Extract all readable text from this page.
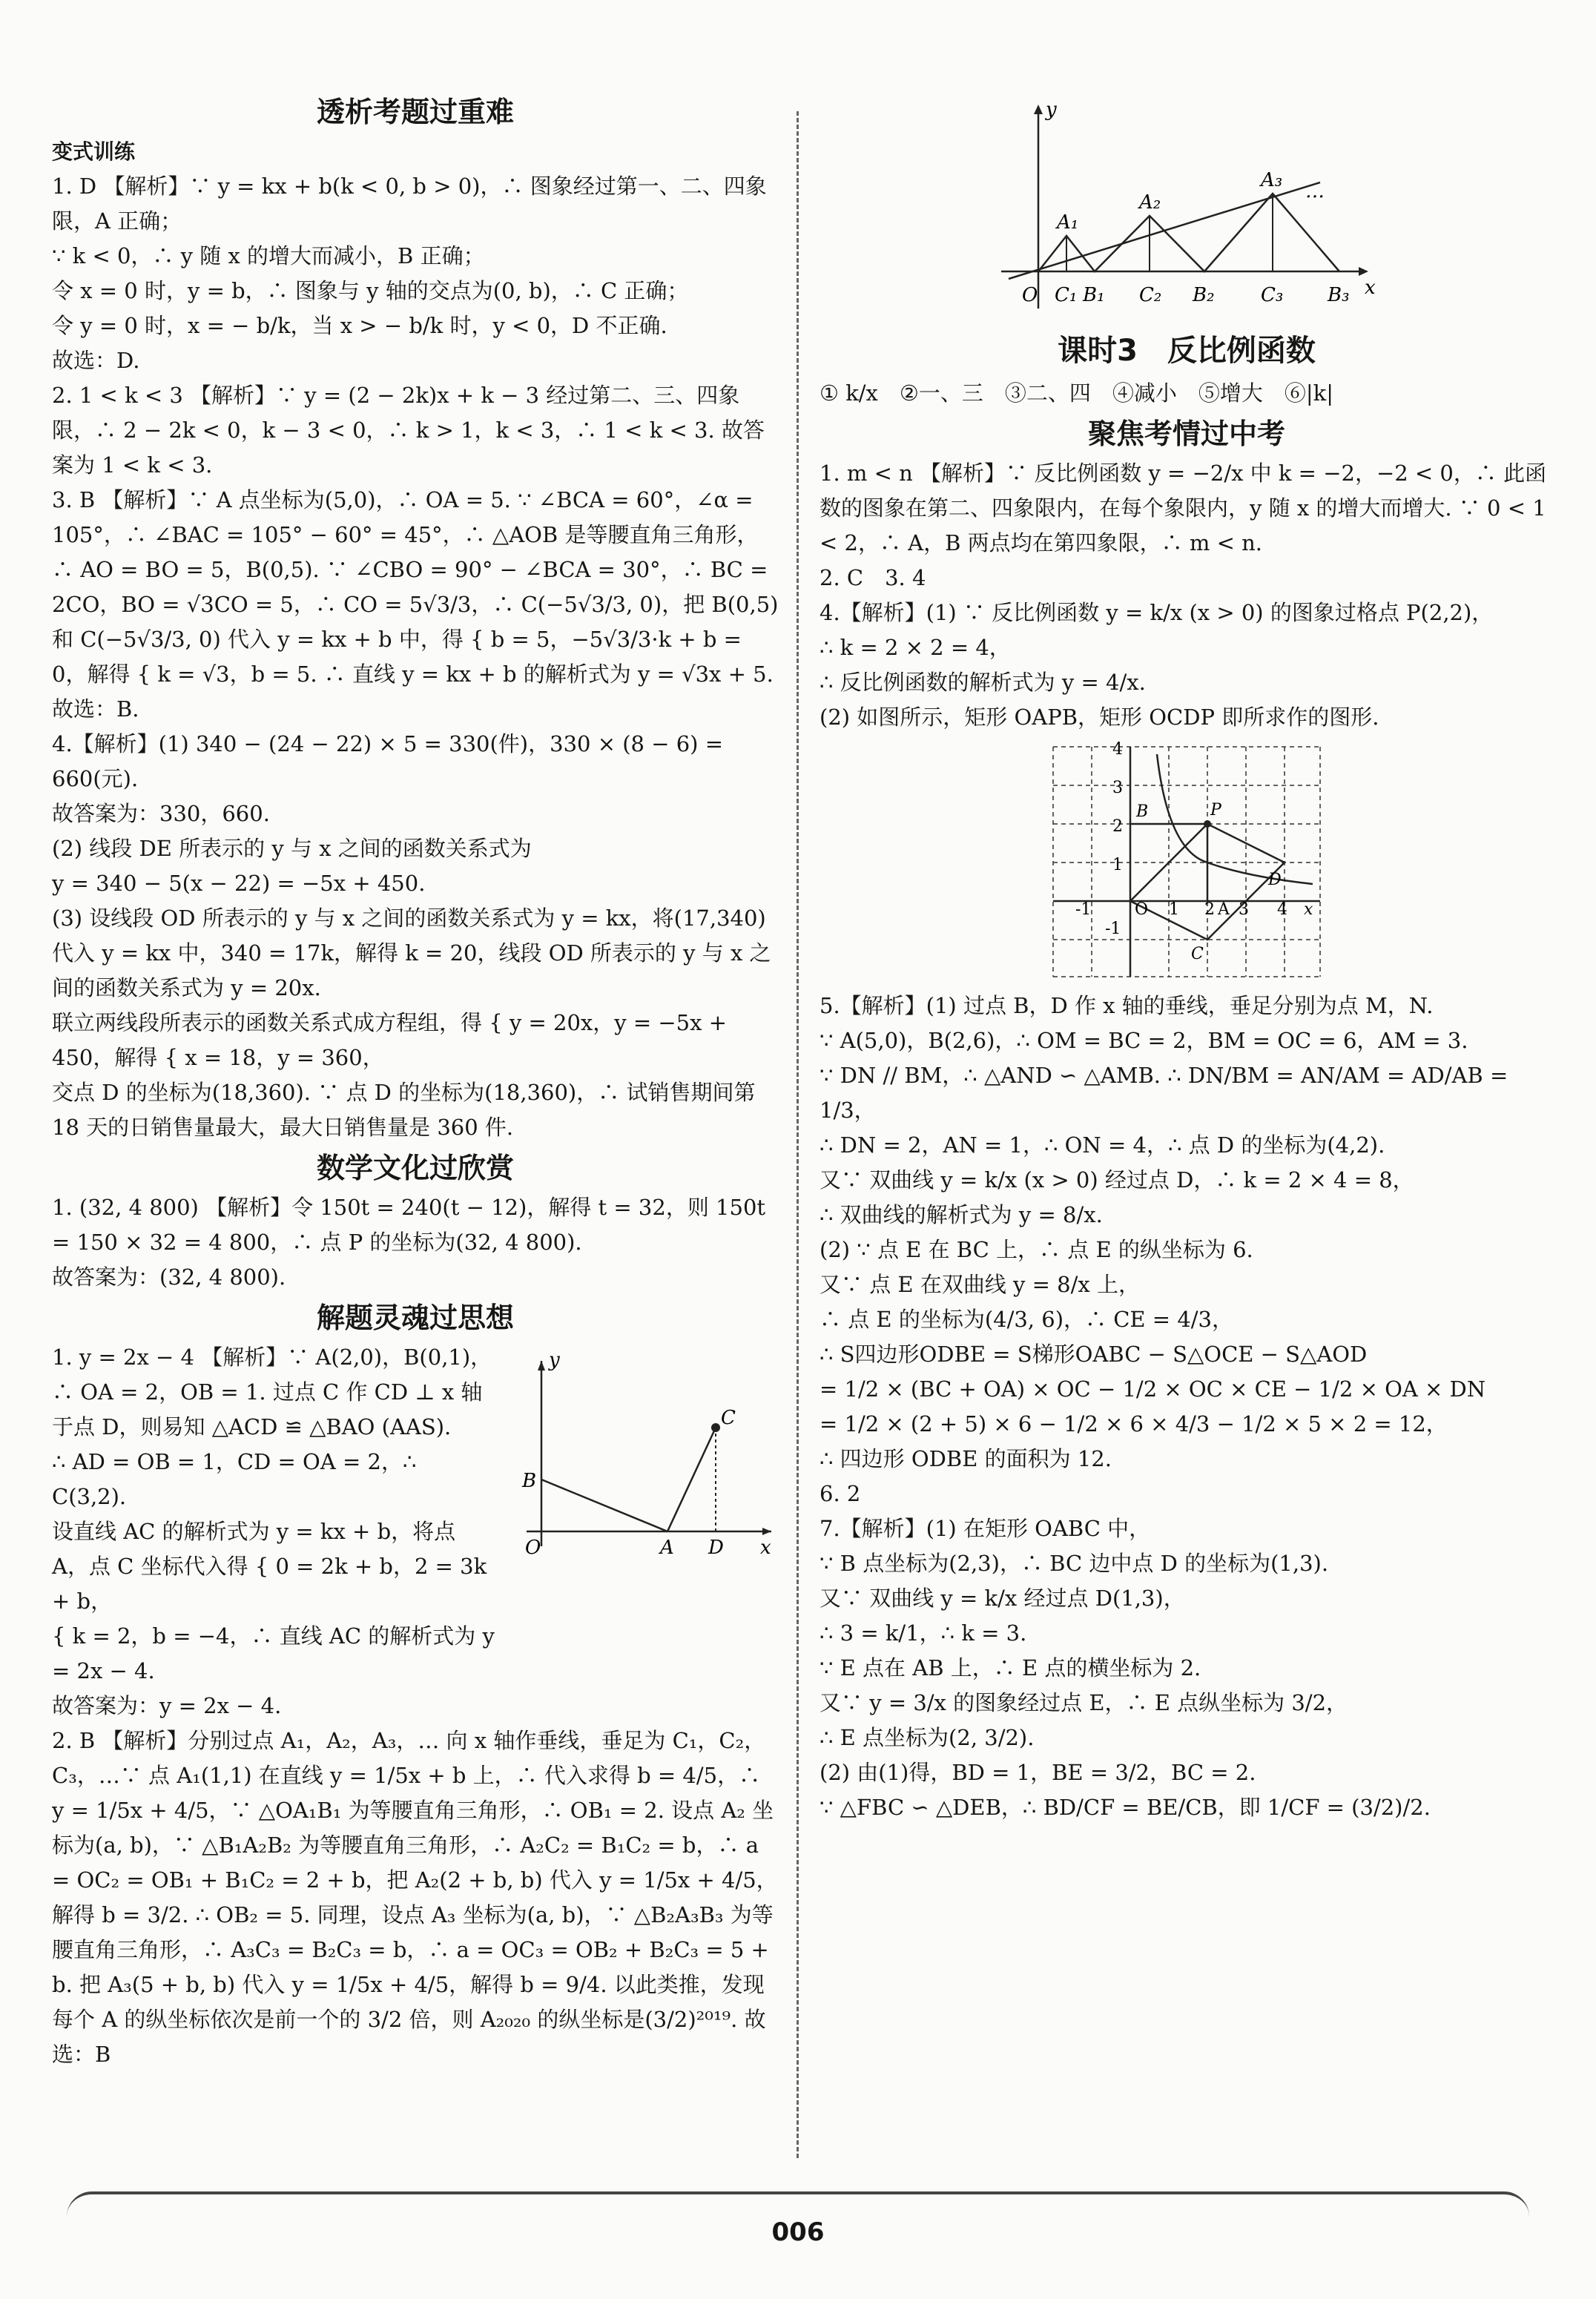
透析考题过重难
变式训练

1. D 【解析】∵ y = kx + b(k < 0, b > 0)，∴ 图象经过第一、二、四象限，A 正确；
∵ k < 0，∴ y 随 x 的增大而减小，B 正确；
令 x = 0 时，y = b，∴ 图象与 y 轴的交点为(0, b)，∴ C 正确；
令 y = 0 时，x = − b/k，当 x > − b/k 时，y < 0，D 不正确.
故选：D.

2. 1 < k < 3 【解析】∵ y = (2 − 2k)x + k − 3 经过第二、三、四象限，∴ 2 − 2k < 0，k − 3 < 0，∴ k > 1，k < 3，∴ 1 < k < 3. 故答案为 1 < k < 3.

3. B 【解析】∵ A 点坐标为(5,0)，∴ OA = 5. ∵ ∠BCA = 60°，∠α = 105°，∴ ∠BAC = 105° − 60° = 45°，∴ △AOB 是等腰直角三角形，∴ AO = BO = 5，B(0,5). ∵ ∠CBO = 90° − ∠BCA = 30°，∴ BC = 2CO，BO = √3CO = 5，∴ CO = 5√3/3，∴ C(−5√3/3, 0)，把 B(0,5) 和 C(−5√3/3, 0) 代入 y = kx + b 中，得 { b = 5，−5√3/3·k + b = 0，解得 { k = √3，b = 5. ∴ 直线 y = kx + b 的解析式为 y = √3x + 5. 故选：B.

4.【解析】(1) 340 − (24 − 22) × 5 = 330(件)，330 × (8 − 6) = 660(元).
故答案为：330，660.
(2) 线段 DE 所表示的 y 与 x 之间的函数关系式为
y = 340 − 5(x − 22) = −5x + 450.
(3) 设线段 OD 所表示的 y 与 x 之间的函数关系式为 y = kx，将(17,340)代入 y = kx 中，340 = 17k，解得 k = 20，线段 OD 所表示的 y 与 x 之间的函数关系式为 y = 20x.
联立两线段所表示的函数关系式成方程组，得 { y = 20x，y = −5x + 450，解得 { x = 18，y = 360，
交点 D 的坐标为(18,360). ∵ 点 D 的坐标为(18,360)，∴ 试销售期间第 18 天的日销售量最大，最大日销售量是 360 件.

数学文化过欣赏

1. (32, 4 800) 【解析】令 150t = 240(t − 12)，解得 t = 32，则 150t = 150 × 32 = 4 800，∴ 点 P 的坐标为(32, 4 800).
故答案为：(32, 4 800).

解题灵魂过思想

1. y = 2x − 4 【解析】∵ A(2,0)，B(0,1)，∴ OA = 2，OB = 1. 过点 C 作 CD ⊥ x 轴于点 D，则易知 △ACD ≌ △BAO (AAS).
∴ AD = OB = 1，CD = OA = 2，∴ C(3,2).
设直线 AC 的解析式为 y = kx + b，将点 A，点 C 坐标代入得 { 0 = 2k + b，2 = 3k + b，
{ k = 2，b = −4，∴ 直线 AC 的解析式为 y = 2x − 4.
故答案为：y = 2x − 4.

2. B 【解析】分别过点 A₁，A₂，A₃，… 向 x 轴作垂线，垂足为 C₁，C₂，C₃，…∵ 点 A₁(1,1) 在直线 y = 1/5x + b 上，∴ 代入求得 b = 4/5，∴ y = 1/5x + 4/5，∵ △OA₁B₁ 为等腰直角三角形，∴ OB₁ = 2. 设点 A₂ 坐标为(a, b)，∵ △B₁A₂B₂ 为等腰直角三角形，∴ A₂C₂ = B₁C₂ = b，∴ a = OC₂ = OB₁ + B₁C₂ = 2 + b，把 A₂(2 + b, b) 代入 y = 1/5x + 4/5，解得 b = 3/2. ∴ OB₂ = 5. 同理，设点 A₃ 坐标为(a, b)，∵ △B₂A₃B₃ 为等腰直角三角形，∴ A₃C₃ = B₂C₃ = b，∴ a = OC₃ = OB₂ + B₂C₃ = 5 + b. 把 A₃(5 + b, b) 代入 y = 1/5x + 4/5，解得 b = 9/4. 以此类推，发现每个 A 的纵坐标依次是前一个的 3/2 倍，则 A₂₀₂₀ 的纵坐标是(3/2)²⁰¹⁹. 故选：B

y
x
O	A D
B
C
y
x
O
A₁
A₂
A₃ …
C₁ B₁ C₂ B₂ C₃ B₃
课时3　反比例函数

① k/x　②一、三　③二、四　④减小　⑤增大　⑥|k|

聚焦考情过中考

1. m < n 【解析】∵ 反比例函数 y = −2/x 中 k = −2，−2 < 0，∴ 此函数的图象在第二、四象限内，在每个象限内，y 随 x 的增大而增大. ∵ 0 < 1 < 2，∴ A，B 两点均在第四象限，∴ m < n.

2. C　3. 4

4.【解析】(1) ∵ 反比例函数 y = k/x (x > 0) 的图象过格点 P(2,2)，
∴ k = 2 × 2 = 4，
∴ 反比例函数的解析式为 y = 4/x.
(2) 如图所示，矩形 OAPB，矩形 OCDP 即所求作的图形.

4
3
2
1
-1
-1	O 1 2 A 3 4 x
B	P
D
C

5.【解析】(1) 过点 B，D 作 x 轴的垂线，垂足分别为点 M，N.
∵ A(5,0)，B(2,6)，∴ OM = BC = 2，BM = OC = 6，AM = 3.
∵ DN // BM，∴ △AND ∽ △AMB. ∴ DN/BM = AN/AM = AD/AB = 1/3，
∴ DN = 2，AN = 1，∴ ON = 4，∴ 点 D 的坐标为(4,2).
又∵ 双曲线 y = k/x (x > 0) 经过点 D，∴ k = 2 × 4 = 8，
∴ 双曲线的解析式为 y = 8/x.
(2) ∵ 点 E 在 BC 上，∴ 点 E 的纵坐标为 6.
又∵ 点 E 在双曲线 y = 8/x 上，
∴ 点 E 的坐标为(4/3, 6)，∴ CE = 4/3，
∴ S四边形ODBE = S梯形OABC − S△OCE − S△AOD
= 1/2 × (BC + OA) × OC − 1/2 × OC × CE − 1/2 × OA × DN
= 1/2 × (2 + 5) × 6 − 1/2 × 6 × 4/3 − 1/2 × 5 × 2 = 12，
∴ 四边形 ODBE 的面积为 12.

6. 2

7.【解析】(1) 在矩形 OABC 中，
∵ B 点坐标为(2,3)，∴ BC 边中点 D 的坐标为(1,3).
又∵ 双曲线 y = k/x 经过点 D(1,3)，
∴ 3 = k/1，∴ k = 3.
∵ E 点在 AB 上，∴ E 点的横坐标为 2.
又∵ y = 3/x 的图象经过点 E，∴ E 点纵坐标为 3/2，
∴ E 点坐标为(2, 3/2).
(2) 由(1)得，BD = 1，BE = 3/2，BC = 2.
∵ △FBC ∽ △DEB，∴ BD/CF = BE/CB，即 1/CF = (3/2)/2.

006
